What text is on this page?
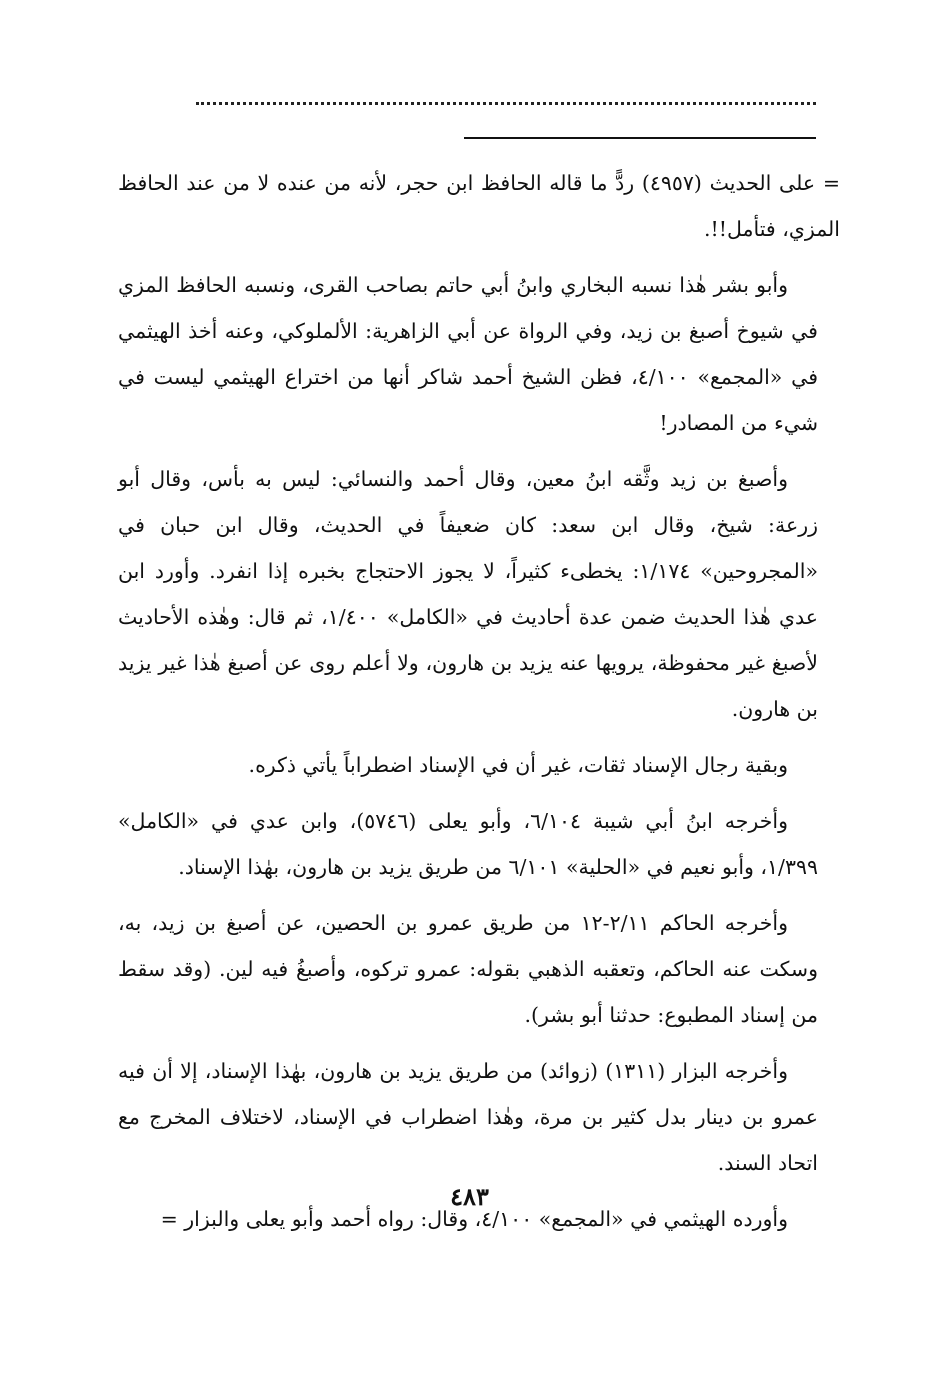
= على الحديث (٤٩٥٧) ردًّ ما قاله الحافظ ابن حجر، لأنه من عنده لا من عند الحافظ المزي، فتأمل!!.

وأبو بشر هٰذا نسبه البخاري وابنُ أبي حاتم بصاحب القرى، ونسبه الحافظ المزي في شيوخ أصبغ بن زيد، وفي الرواة عن أبي الزاهرية: الألملوكي، وعنه أخذ الهيثمي في «المجمع» ٤/١٠٠، فظن الشيخ أحمد شاكر أنها من اختراع الهيثمي ليست في شيء من المصادر!

وأصبغ بن زيد وثَّقه ابنُ معين، وقال أحمد والنسائي: ليس به بأس، وقال أبو زرعة: شيخ، وقال ابن سعد: كان ضعيفاً في الحديث، وقال ابن حبان في «المجروحين» ١/١٧٤: يخطىء كثيراً، لا يجوز الاحتجاج بخبره إذا انفرد. وأورد ابن عدي هٰذا الحديث ضمن عدة أحاديث في «الكامل» ١/٤٠٠، ثم قال: وهٰذه الأحاديث لأصبغ غير محفوظة، يرويها عنه يزيد بن هارون، ولا أعلم روى عن أصبغ هٰذا غير يزيد بن هارون.

وبقية رجال الإسناد ثقات، غير أن في الإسناد اضطراباً يأتي ذكره.

وأخرجه ابنُ أبي شيبة ٦/١٠٤، وأبو يعلى (٥٧٤٦)، وابن عدي في «الكامل» ١/٣٩٩، وأبو نعيم في «الحلية» ٦/١٠١ من طريق يزيد بن هارون، بهٰذا الإسناد.

وأخرجه الحاكم ٢/١١-١٢ من طريق عمرو بن الحصين، عن أصبغ بن زيد، به، وسكت عنه الحاكم، وتعقبه الذهبي بقوله: عمرو تركوه، وأصبغُ فيه لين. (وقد سقط من إسناد المطبوع: حدثنا أبو بشر).

وأخرجه البزار (١٣١١) (زوائد) من طريق يزيد بن هارون، بهٰذا الإسناد، إلا أن فيه عمرو بن دينار بدل كثير بن مرة، وهٰذا اضطراب في الإسناد، لاختلاف المخرج مع اتحاد السند.

وأورده الهيثمي في «المجمع» ٤/١٠٠، وقال: رواه أحمد وأبو يعلى والبزار =

٤٨٣
